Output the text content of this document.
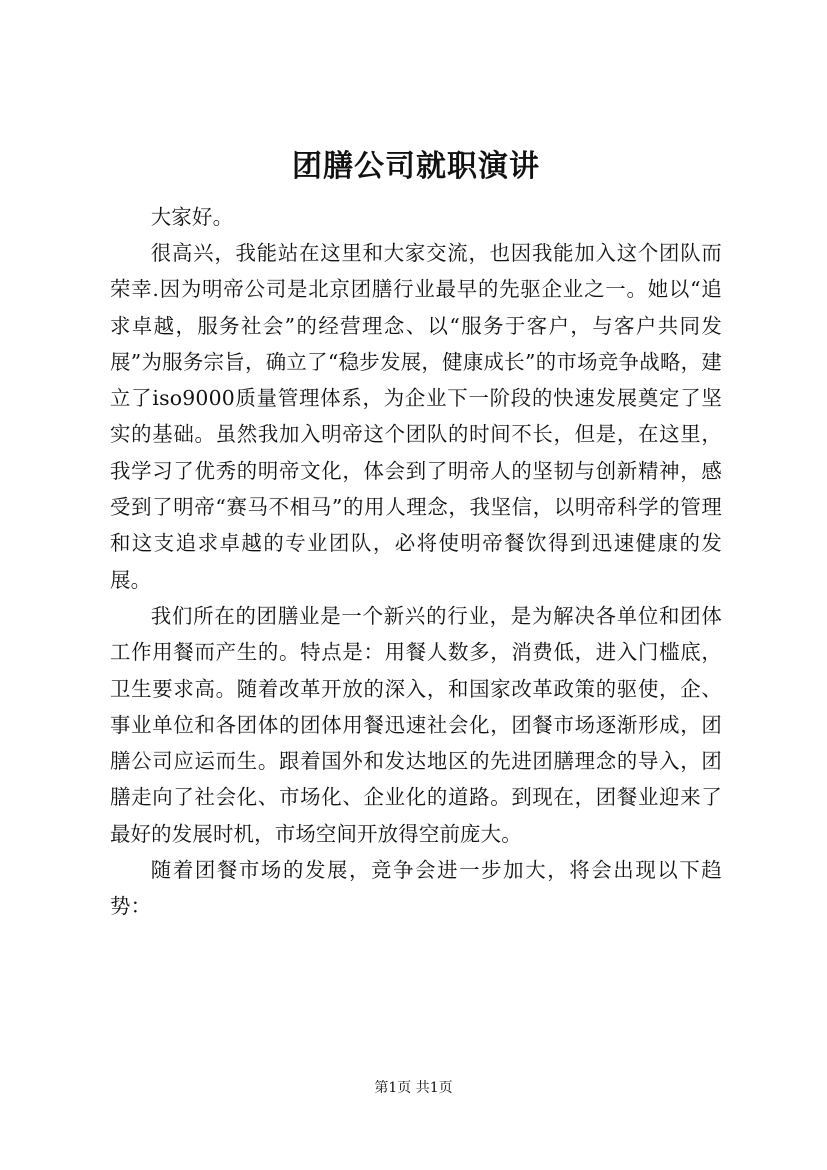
团膳公司就职演讲

大家好。

很高兴，我能站在这里和大家交流，也因我能加入这个团队而荣幸.因为明帝公司是北京团膳行业最早的先驱企业之一。她以“追求卓越，服务社会”的经营理念、以“服务于客户，与客户共同发展”为服务宗旨，确立了“稳步发展，健康成长”的市场竞争战略，建立了iso9000质量管理体系，为企业下一阶段的快速发展奠定了坚实的基础。虽然我加入明帝这个团队的时间不长，但是，在这里，我学习了优秀的明帝文化，体会到了明帝人的坚韧与创新精神，感受到了明帝“赛马不相马”的用人理念，我坚信，以明帝科学的管理和这支追求卓越的专业团队，必将使明帝餐饮得到迅速健康的发展。

我们所在的团膳业是一个新兴的行业，是为解决各单位和团体工作用餐而产生的。特点是：用餐人数多，消费低，进入门槛底，卫生要求高。随着改革开放的深入，和国家改革政策的驱使，企、事业单位和各团体的团体用餐迅速社会化，团餐市场逐渐形成，团膳公司应运而生。跟着国外和发达地区的先进团膳理念的导入，团膳走向了社会化、市场化、企业化的道路。到现在，团餐业迎来了最好的发展时机，市场空间开放得空前庞大。

随着团餐市场的发展，竞争会进一步加大，将会出现以下趋势：

第1页 共1页
